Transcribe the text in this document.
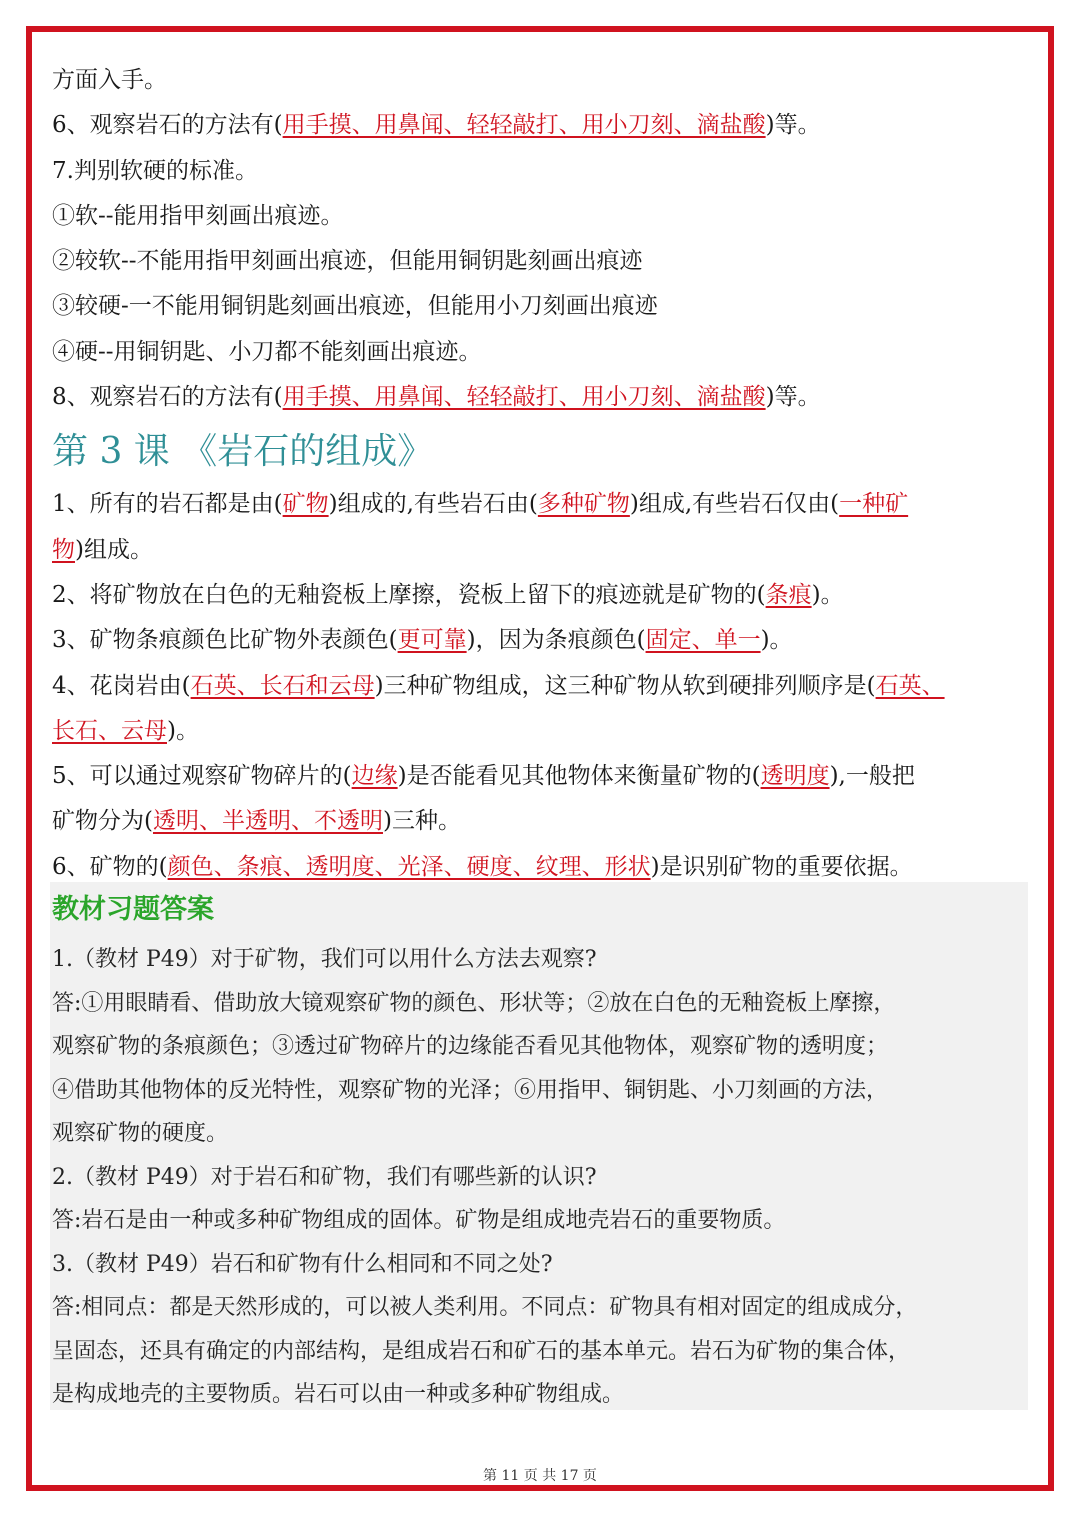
方面入手。
6、观察岩石的方法有(用手摸、用鼻闻、轻轻敲打、用小刀刻、滴盐酸)等。
7.判别软硬的标准。
①软--能用指甲刻画出痕迹。
②较软--不能用指甲刻画出痕迹，但能用铜钥匙刻画出痕迹
③较硬-一不能用铜钥匙刻画出痕迹，但能用小刀刻画出痕迹
④硬--用铜钥匙、小刀都不能刻画出痕迹。
8、观察岩石的方法有(用手摸、用鼻闻、轻轻敲打、用小刀刻、滴盐酸)等。
第 3 课 《岩石的组成》
1、所有的岩石都是由(矿物)组成的,有些岩石由(多种矿物)组成,有些岩石仅由(一种矿
物)组成。
2、将矿物放在白色的无釉瓷板上摩擦，瓷板上留下的痕迹就是矿物的(条痕)。
3、矿物条痕颜色比矿物外表颜色(更可靠)，因为条痕颜色(固定、单一)。
4、花岗岩由(石英、长石和云母)三种矿物组成，这三种矿物从软到硬排列顺序是(石英、
长石、云母)。
5、可以通过观察矿物碎片的(边缘)是否能看见其他物体来衡量矿物的(透明度),一般把
矿物分为(透明、半透明、不透明)三种。
6、矿物的(颜色、条痕、透明度、光泽、硬度、纹理、形状)是识别矿物的重要依据。
教材习题答案
1.（教材 P49）对于矿物，我们可以用什么方法去观察?
答:①用眼睛看、借助放大镜观察矿物的颜色、形状等；②放在白色的无釉瓷板上摩擦，
观察矿物的条痕颜色；③透过矿物碎片的边缘能否看见其他物体，观察矿物的透明度；
④借助其他物体的反光特性，观察矿物的光泽；⑥用指甲、铜钥匙、小刀刻画的方法，
观察矿物的硬度。
2.（教材 P49）对于岩石和矿物，我们有哪些新的认识?
答:岩石是由一种或多种矿物组成的固体。矿物是组成地壳岩石的重要物质。
3.（教材 P49）岩石和矿物有什么相同和不同之处?
答:相同点：都是天然形成的，可以被人类利用。不同点：矿物具有相对固定的组成成分，
呈固态，还具有确定的内部结构，是组成岩石和矿石的基本单元。岩石为矿物的集合体，
是构成地壳的主要物质。岩石可以由一种或多种矿物组成。
第 11 页 共 17 页
